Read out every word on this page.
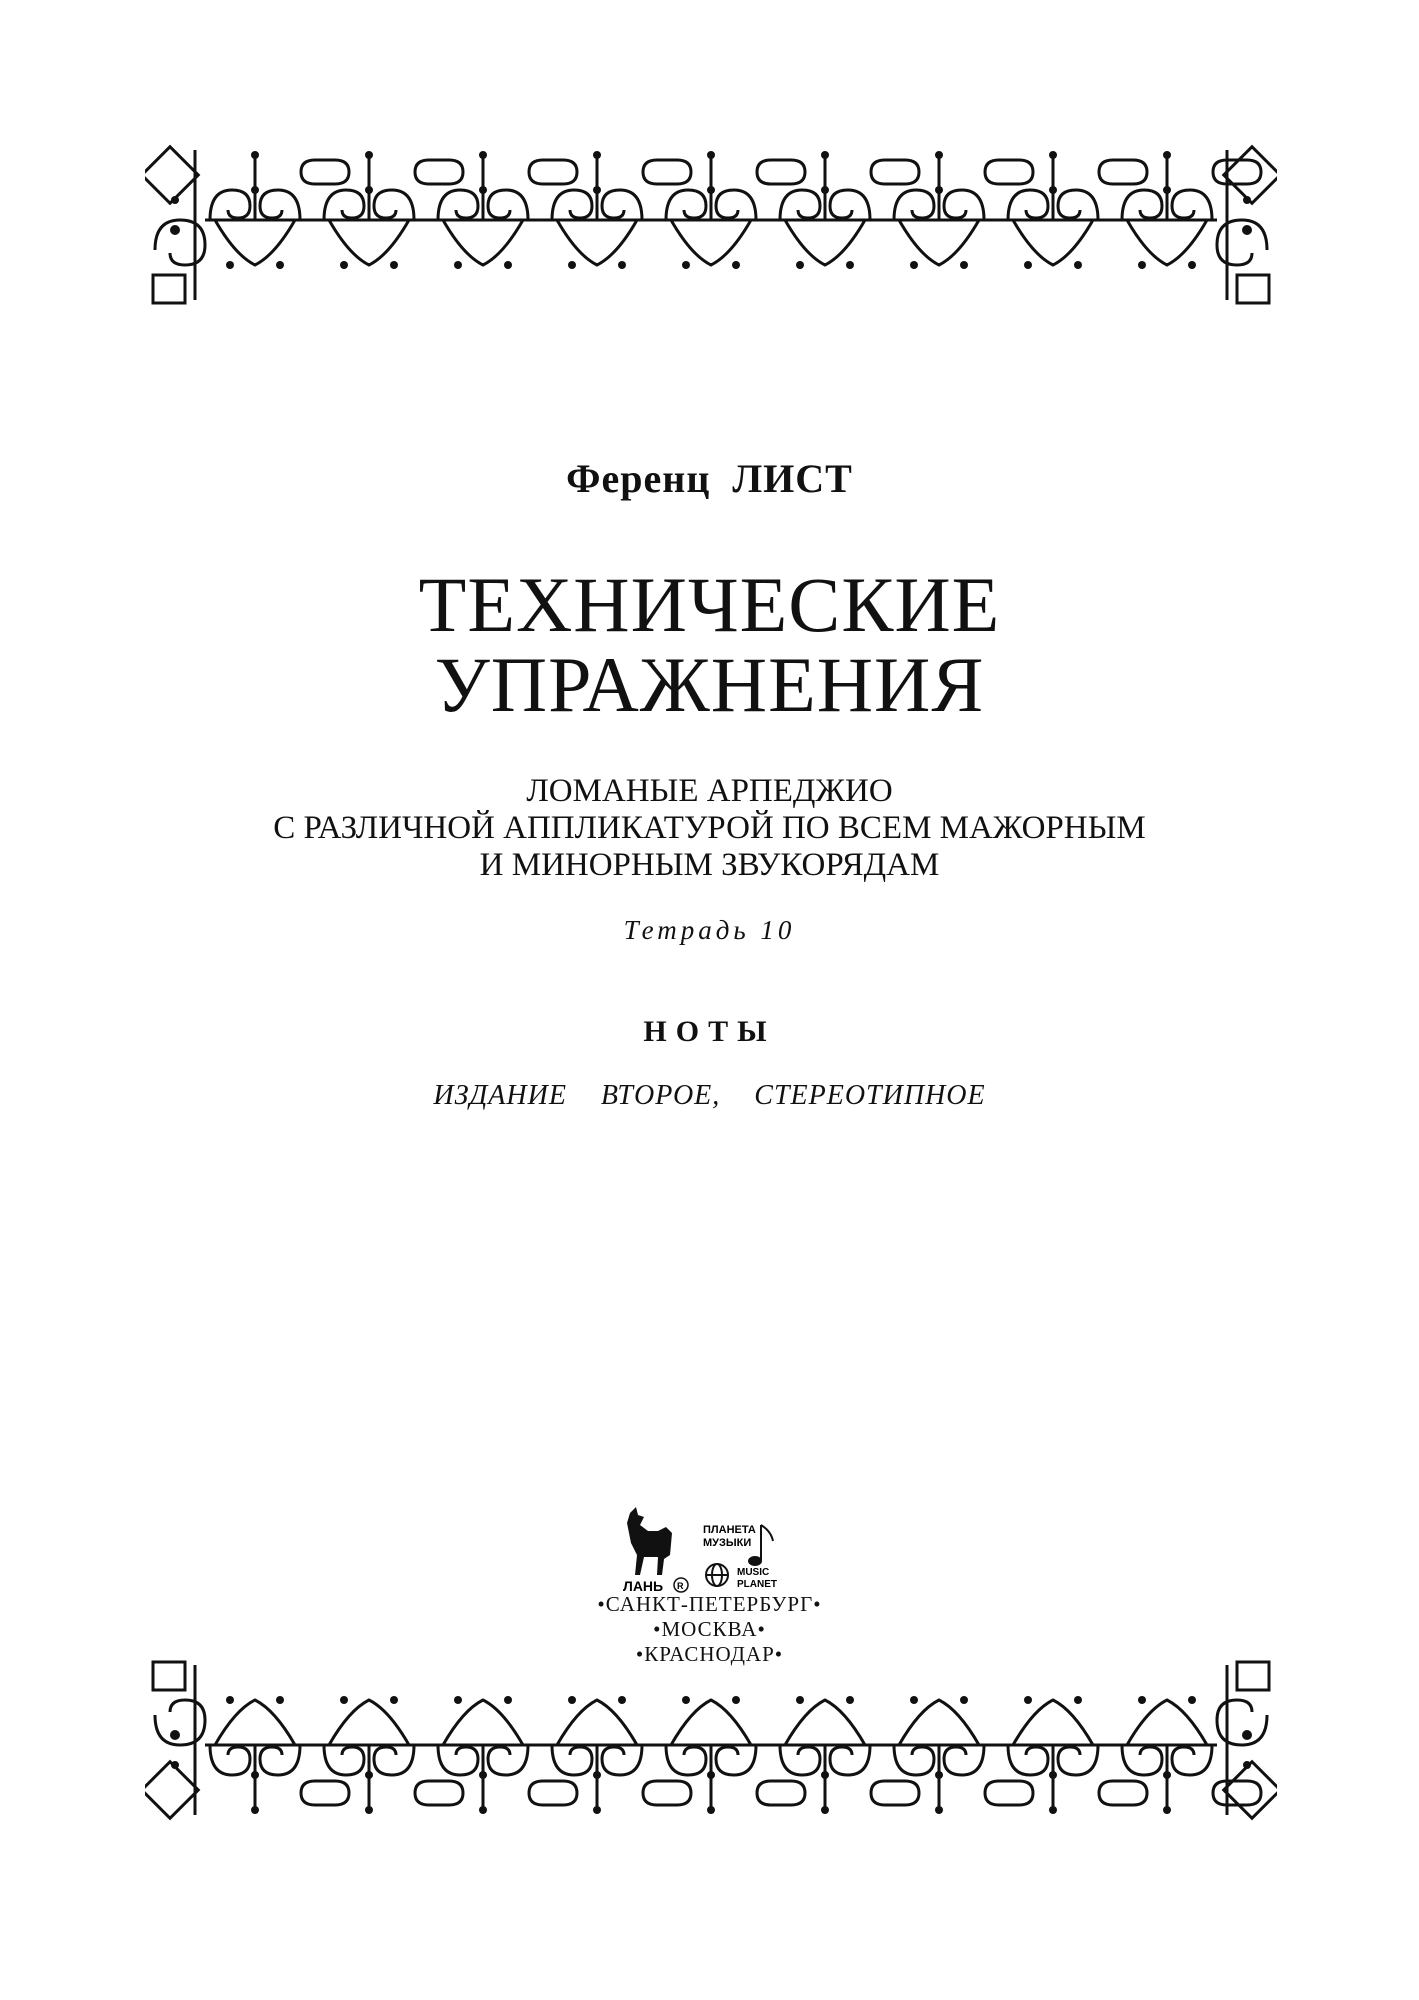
Ференц ЛИСТ
ТЕХНИЧЕСКИЕ
УПРАЖНЕНИЯ
ЛОМАНЫЕ АРПЕДЖИО
С РАЗЛИЧНОЙ АППЛИКАТУРОЙ ПО ВСЕМ МАЖОРНЫМ
И МИНОРНЫМ ЗВУКОРЯДАМ
Тетрадь 10
НОТЫ
ИЗДАНИЕ ВТОРОЕ, СТЕРЕОТИПНОЕ
ЛАНЬ R
ПЛАНЕТА
МУЗЫКИ
MUSIC
PLANET
•САНКТ-ПЕТЕРБУРГ•
•МОСКВА•
•КРАСНОДАР•
